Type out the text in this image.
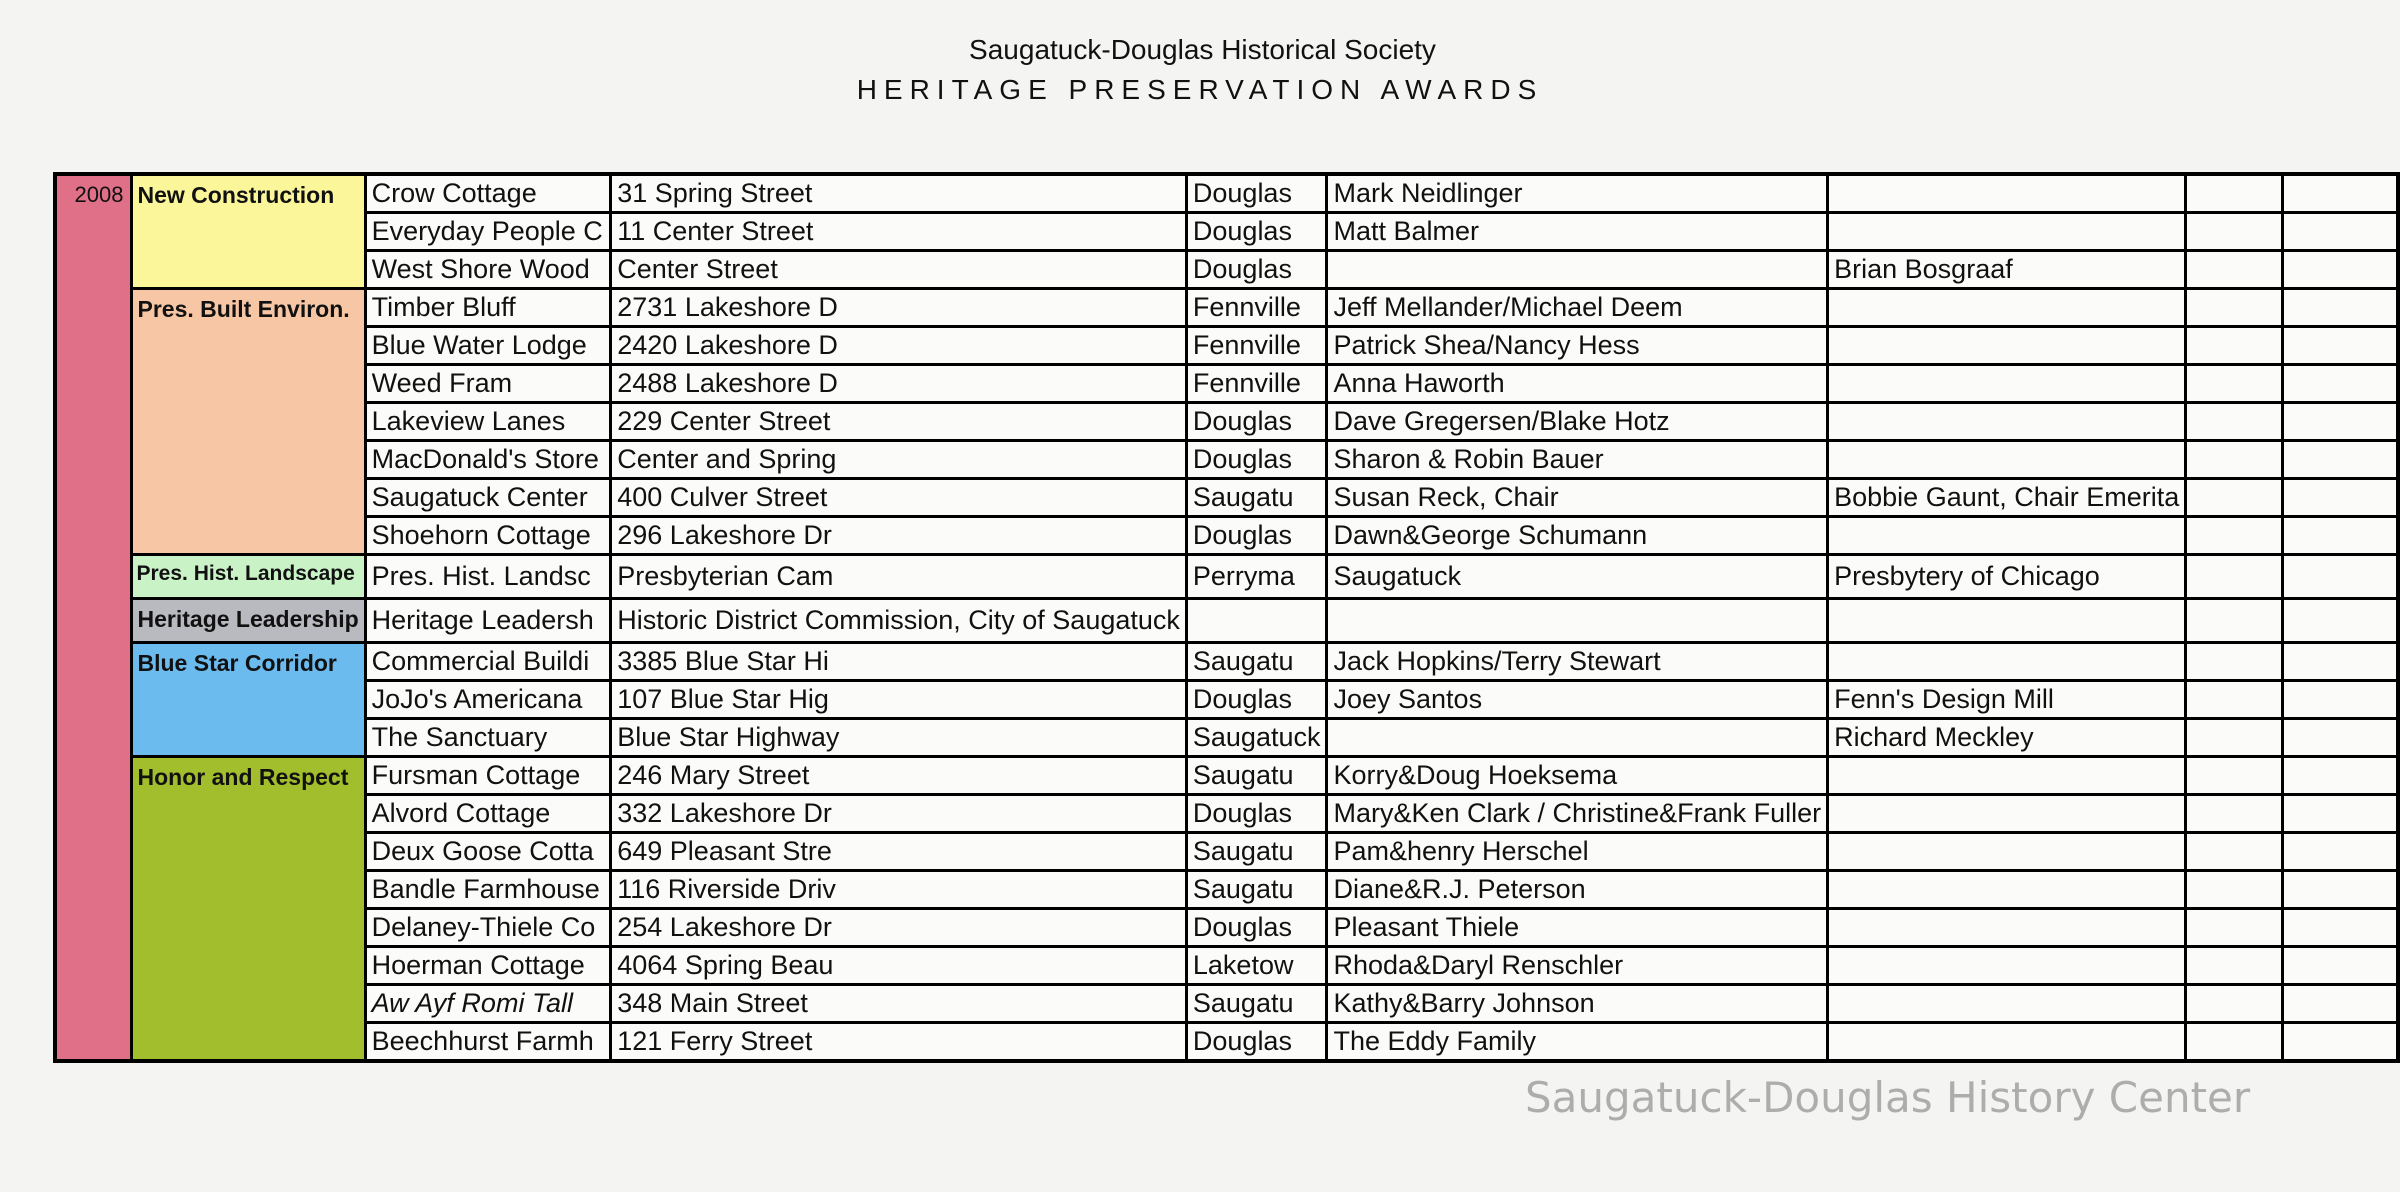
Saugatuck-Douglas Historical Society
HERITAGE PRESERVATION AWARDS
2008	New Construction	Crow Cottage	31 Spring Street	Douglas	Mark Neidlinger			
		Everyday People C	11 Center Street	Douglas	Matt Balmer			
		West Shore Wood	Center Street	Douglas		Brian Bosgraaf		
	Pres. Built Environ.	Timber Bluff	2731 Lakeshore D	Fennville	Jeff Mellander/Michael Deem			
		Blue Water Lodge	2420 Lakeshore D	Fennville	Patrick Shea/Nancy Hess			
		Weed Fram	2488 Lakeshore D	Fennville	Anna Haworth			
		Lakeview Lanes	229 Center Street	Douglas	Dave Gregersen/Blake Hotz			
		MacDonald's Store	Center and Spring	Douglas	Sharon & Robin Bauer			
		Saugatuck Center	400 Culver Street	Saugatu	Susan Reck, Chair	Bobbie Gaunt, Chair Emerita		
		Shoehorn Cottage	296 Lakeshore Dr	Douglas	Dawn&George Schumann			
	Pres. Hist. Landscape	Pres. Hist. Landsc	Presbyterian Cam	Perryma	Saugatuck	Presbytery of Chicago		
	Heritage Leadership	Heritage Leadersh	Historic District Commission, City of Saugatuck					
	Blue Star Corridor	Commercial Buildi	3385 Blue Star Hi	Saugatu	Jack Hopkins/Terry Stewart			
		JoJo's Americana	107 Blue Star Hig	Douglas	Joey Santos	Fenn's Design Mill		
		The Sanctuary	Blue Star Highway	Saugatuck		Richard Meckley		
	Honor and Respect	Fursman Cottage	246 Mary Street	Saugatu	Korry&Doug Hoeksema			
		Alvord Cottage	332 Lakeshore Dr	Douglas	Mary&Ken Clark / Christine&Frank Fuller			
		Deux Goose Cotta	649 Pleasant Stre	Saugatu	Pam&henry Herschel			
		Bandle Farmhouse	116 Riverside Driv	Saugatu	Diane&R.J. Peterson			
		Delaney-Thiele Co	254 Lakeshore Dr	Douglas	Pleasant Thiele			
		Hoerman Cottage	4064 Spring Beau	Laketow	Rhoda&Daryl Renschler			
		Aw Ayf Romi Tall	348 Main Street	Saugatu	Kathy&Barry Johnson			
		Beechhurst Farmh	121 Ferry Street	Douglas	The Eddy Family			
Saugatuck-Douglas History Center
